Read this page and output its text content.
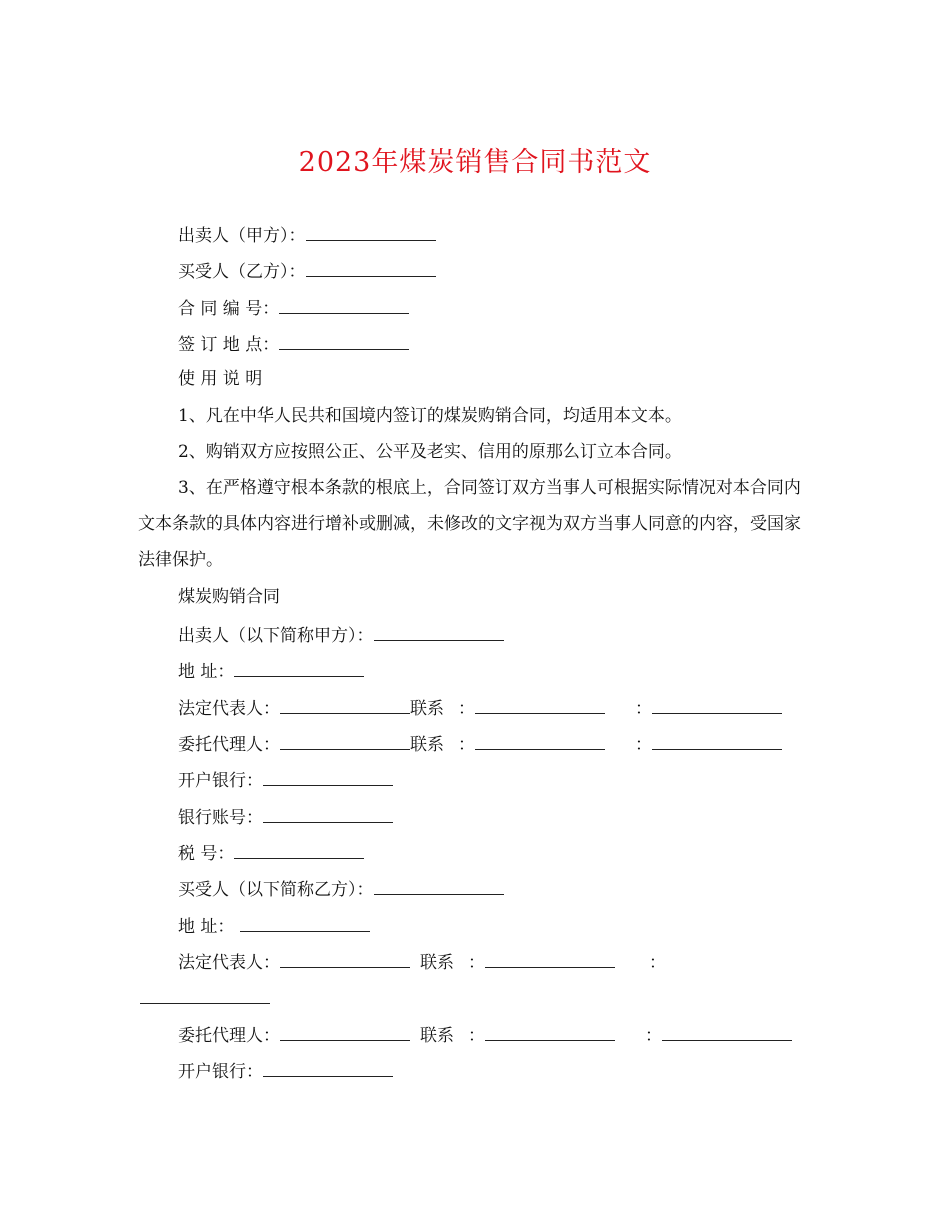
2023年煤炭销售合同书范文
出卖人（甲方）：
买受人（乙方）：
合 同 编 号：
签 订 地 点：
使 用 说 明
1、凡在中华人民共和国境内签订的煤炭购销合同，均适用本文本。
2、购销双方应按照公正、公平及老实、信用的原那么订立本合同。
3、在严格遵守根本条款的根底上，合同签订双方当事人可根据实际情况对本合同内文本条款的具体内容进行增补或删减，未修改的文字视为双方当事人同意的内容，受国家法律保护。
煤炭购销合同
出卖人（以下简称甲方）：
地 址：
法定代表人：	联系 ：	：
委托代理人：	联系 ：	：
开户银行：
银行账号：
税 号：
买受人（以下简称乙方）：
地 址：
法定代表人：	联系 ：	：
委托代理人：	联系 ：	：
开户银行：
